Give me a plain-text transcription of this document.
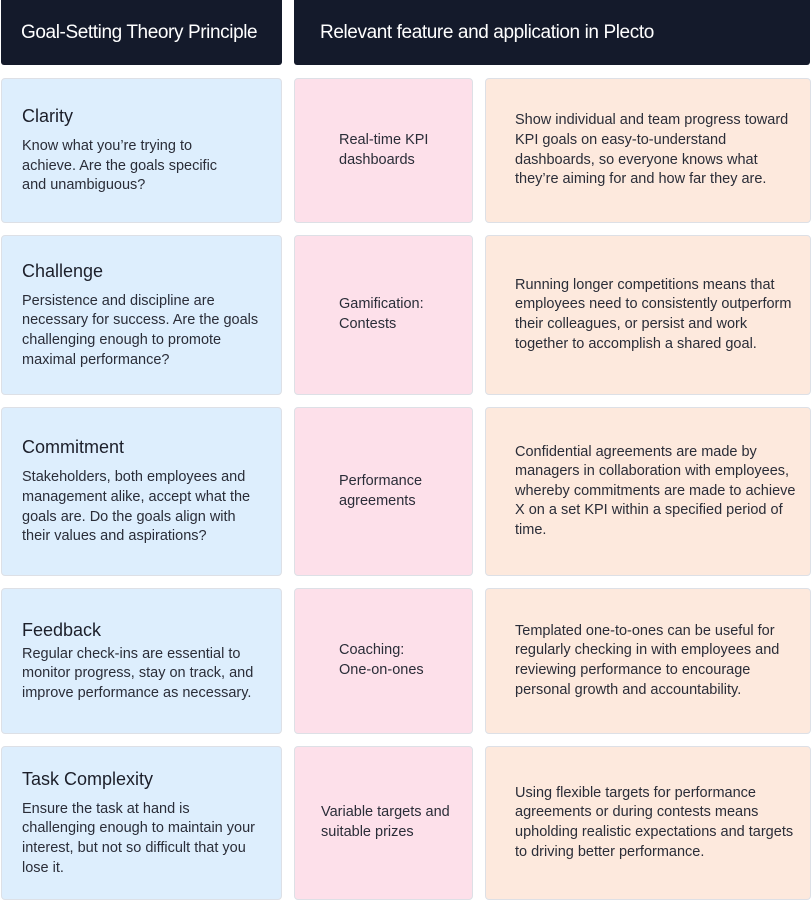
Goal-Setting Theory Principle	Relevant feature and application in Plecto
Clarity

Know what you’re trying to achieve. Are the goals specific and unambiguous?

Real-time KPI dashboards
Show individual and team progress toward KPI goals on easy-to-understand dashboards, so everyone knows what they’re aiming for and how far they are.
Challenge

Persistence and discipline are necessary for success. Are the goals challenging enough to promote maximal performance?

Gamification: Contests
Running longer competitions means that employees need to consistently outperform their colleagues, or persist and work together to accomplish a shared goal.
Commitment

Stakeholders, both employees and management alike, accept what the goals are. Do the goals align with their values and aspirations?

Performance agreements
Confidential agreements are made by managers in collaboration with employees, whereby commitments are made to achieve X on a set KPI within a specified period of time.
Feedback

Regular check-ins are essential to monitor progress, stay on track, and improve performance as necessary.

Coaching: One-on-ones
Templated one-to-ones can be useful for regularly checking in with employees and reviewing performance to encourage personal growth and accountability.
Task Complexity

Ensure the task at hand is challenging enough to maintain your interest, but not so difficult that you lose it.

Variable targets and suitable prizes
Using flexible targets for performance agreements or during contests means upholding realistic expectations and targets to driving better performance.
